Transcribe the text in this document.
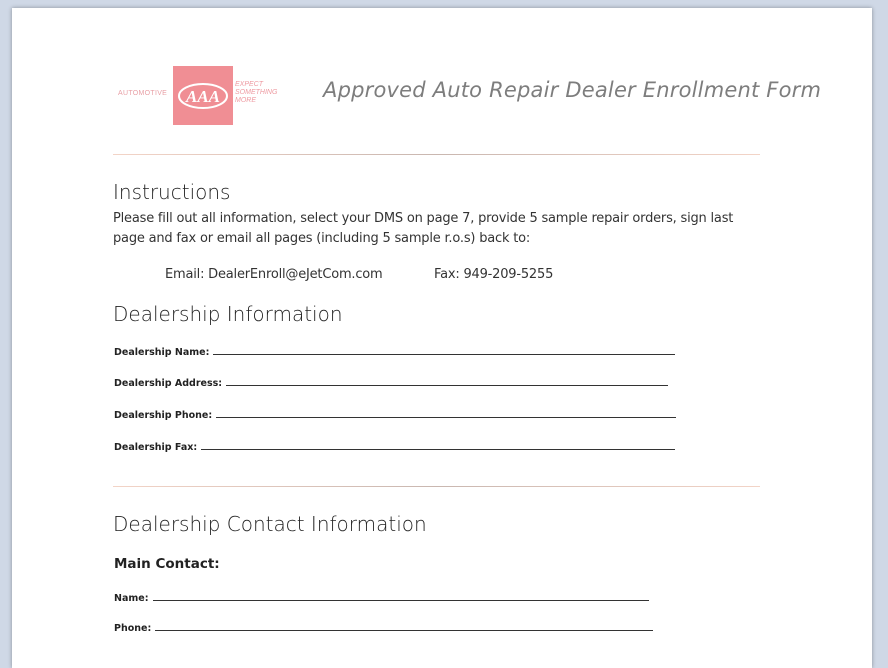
AUTOMOTIVE AAA
EXPECT
SOMETHING
MORE	Approved Auto Repair Dealer Enrollment Form
Instructions
Please fill out all information, select your DMS on page 7, provide 5 sample repair orders, sign last page and fax or email all pages (including 5 sample r.o.s) back to:
Email: DealerEnroll@eJetCom.com	Fax: 949-209-5255
Dealership Information
Dealership Name:
Dealership Address:
Dealership Phone:
Dealership Fax:
Dealership Contact Information
Main Contact:
Name:
Phone:
